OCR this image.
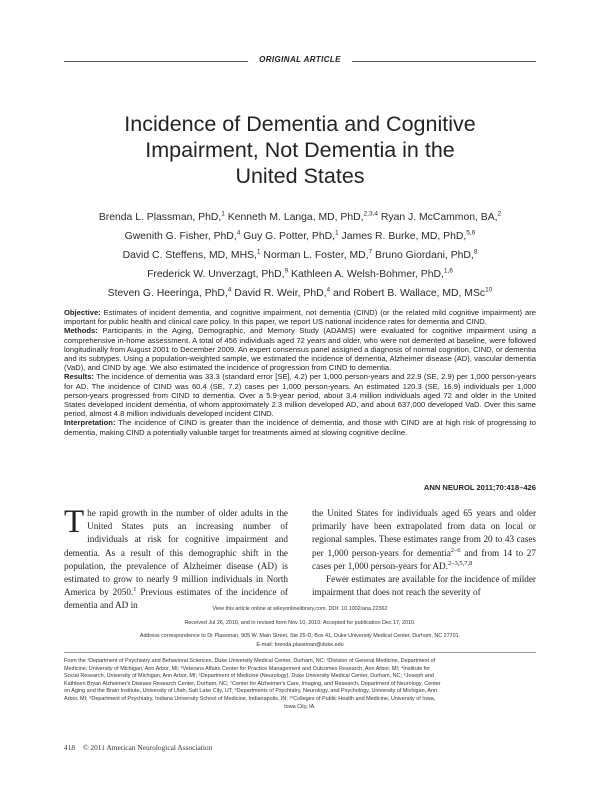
ORIGINAL ARTICLE
Incidence of Dementia and Cognitive
Impairment, Not Dementia in the
United States
Brenda L. Plassman, PhD,$^1$ Kenneth M. Langa, MD, PhD,$^{2,3,4}$ Ryan J. McCammon, BA,$^2$
Gwenith G. Fisher, PhD,$^4$ Guy G. Potter, PhD,$^1$ James R. Burke, MD, PhD,$^{5,6}$
David C. Steffens, MD, MHS,$^1$ Norman L. Foster, MD,$^7$ Bruno Giordani, PhD,$^8$
Frederick W. Unverzagt, PhD,$^9$ Kathleen A. Welsh-Bohmer, PhD,$^{1,6}$
Steven G. Heeringa, PhD,$^4$ David R. Weir, PhD,$^4$ and Robert B. Wallace, MD, MSc$^{10}$

Objective: Estimates of incident dementia, and cognitive impairment, not dementia (CIND) (or the related mild cognitive impairment) are important for public health and clinical care policy. In this paper, we report US national incidence rates for dementia and CIND.

Methods: Participants in the Aging, Demographic, and Memory Study (ADAMS) were evaluated for cognitive impairment using a comprehensive in-home assessment. A total of 456 individuals aged 72 years and older, who were not demented at baseline, were followed longitudinally from August 2001 to December 2009. An expert consensus panel assigned a diagnosis of normal cognition, CIND, or dementia and its subtypes. Using a population-weighted sample, we estimated the incidence of dementia, Alzheimer disease (AD), vascular dementia (VaD), and CIND by age. We also estimated the incidence of progression from CIND to dementia.

Results: The incidence of dementia was 33.3 (standard error [SE], 4.2) per 1,000 person-years and 22.9 (SE, 2.9) per 1,000 person-years for AD. The incidence of CIND was 60.4 (SE, 7.2) cases per 1,000 person-years. An estimated 120.3 (SE, 16.9) individuals per 1,000 person-years progressed from CIND to dementia. Over a 5.9-year period, about 3.4 million individuals aged 72 and older in the United States developed incident dementia, of whom approximately 2.3 million developed AD, and about 637,000 developed VaD. Over this same period, almost 4.8 million individuals developed incident CIND.

Interpretation: The incidence of CIND is greater than the incidence of dementia, and those with CIND are at high risk of progressing to dementia, making CIND a potentially valuable target for treatments aimed at slowing cognitive decline.

ANN NEUROL 2011;70:418–426

The rapid growth in the number of older adults in the United States puts an increasing number of individuals at risk for cognitive impairment and dementia. As a result of this demographic shift in the population, the prevalence of Alzheimer disease (AD) is estimated to grow to nearly 9 million individuals in North America by 2050.$^1$ Previous estimates of the incidence of dementia and AD in

the United States for individuals aged 65 years and older primarily have been extrapolated from data on local or regional samples. These estimates range from 20 to 43 cases per 1,000 person-years for dementia$^{2-6}$ and from 14 to 27 cases per 1,000 person-years for AD.$^{2-3,5,7,8}$

Fewer estimates are available for the incidence of milder impairment that does not reach the severity of

View this article online at wileyonlinelibrary.com. DOI: 10.1002/ana.22362
Received Jul 26, 2010, and in revised form Nov 10, 2010. Accepted for publication Dec 17, 2010.
Address correspondence to Dr Plassman, 905 W. Main Street, Ste 25-D, Box 41, Duke University Medical Center, Durham, NC 27701.
E-mail: brenda.plassman@duke.edu
From the ¹Department of Psychiatry and Behavioral Sciences, Duke University Medical Center, Durham, NC; ²Division of General Medicine, Department of
Medicine, University of Michigan, Ann Arbor, MI; ³Veterans Affairs Center for Practice Management and Outcomes Research, Ann Arbor, MI; ⁴Institute for
Social Research, University of Michigan, Ann Arbor, MI; ⁵Department of Medicine (Neurology), Duke University Medical Center, Durham, NC; ⁶Joseph and
Kathleen Bryan Alzheimer's Disease Research Center, Durham, NC; ⁷Center for Alzheimer's Care, Imaging, and Research, Department of Neurology, Center
on Aging and the Brain Institute, University of Utah, Salt Lake City, UT; ⁸Departments of Psychiatry, Neurology, and Psychology, University of Michigan, Ann
Arbor, MI; ⁹Department of Psychiatry, Indiana University School of Medicine, Indianapolis, IN; ¹⁰Colleges of Public Health and Medicine, University of Iowa,
Iowa City, IA.
418 © 2011 American Neurological Association
